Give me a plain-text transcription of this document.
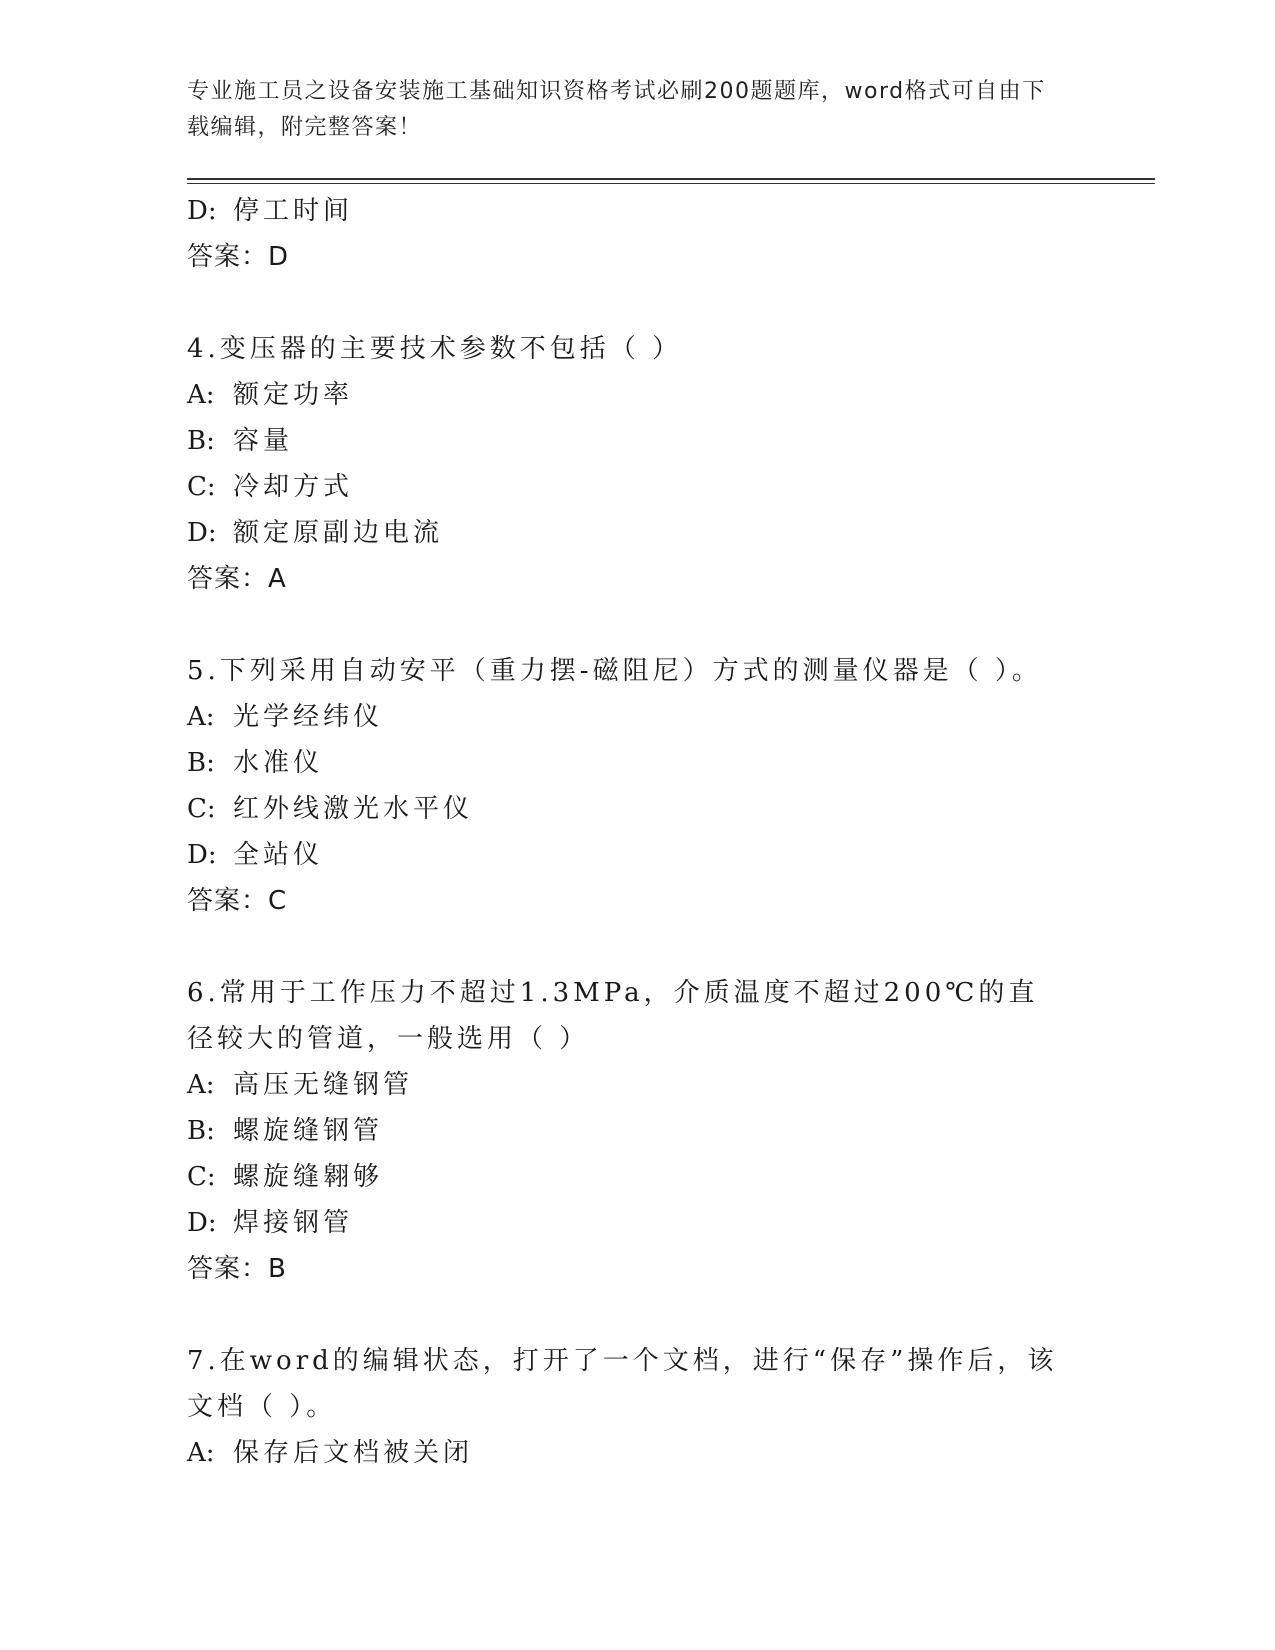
专业施工员之设备安装施工基础知识资格考试必刷200题题库，word格式可自由下载编辑，附完整答案！
D: 停工时间
答案：D
4.变压器的主要技术参数不包括（ ）
A: 额定功率
B: 容量
C: 冷却方式
D: 额定原副边电流
答案：A
5.下列采用自动安平（重力摆-磁阻尼）方式的测量仪器是（ ）。
A: 光学经纬仪
B: 水准仪
C: 红外线激光水平仪
D: 全站仪
答案：C
6.常用于工作压力不超过1.3MPa，介质温度不超过200℃的直径较大的管道，一般选用（ ）
A: 高压无缝钢管
B: 螺旋缝钢管
C: 螺旋缝翱够
D: 焊接钢管
答案：B
7.在word的编辑状态，打开了一个文档，进行“保存”操作后，该文档（ ）。
A: 保存后文档被关闭
